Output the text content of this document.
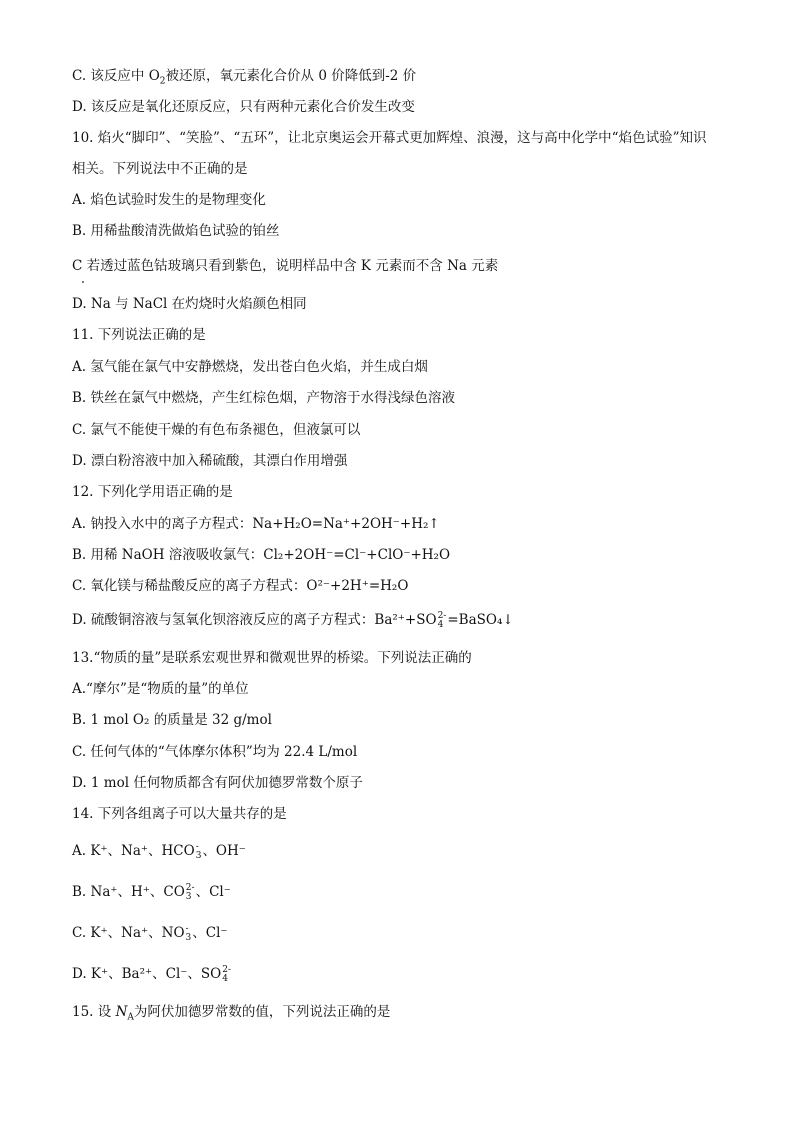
C. 该反应中 $O_2$被还原，氧元素化合价从 0 价降低到-2 价
D. 该反应是氧化还原反应，只有两种元素化合价发生改变
10. 焰火“脚印”、“笑脸”、“五环”，让北京奥运会开幕式更加辉煌、浪漫，这与高中化学中“焰色试验”知识
相关。下列说法中不正确的是
A. 焰色试验时发生的是物理变化
B. 用稀盐酸清洗做焰色试验的铂丝
C 若透过蓝色钴玻璃只看到紫色，说明样品中含 K 元素而不含 Na 元素
D. Na 与 NaCl 在灼烧时火焰颜色相同
11. 下列说法正确的是
A. 氢气能在氯气中安静燃烧，发出苍白色火焰，并生成白烟
B. 铁丝在氯气中燃烧，产生红棕色烟，产物溶于水得浅绿色溶液
C. 氯气不能使干燥的有色布条褪色，但液氯可以
D. 漂白粉溶液中加入稀硫酸，其漂白作用增强
12. 下列化学用语正确的是
A. 钠投入水中的离子方程式：Na+H₂O=Na⁺+2OH⁻+H₂↑
B. 用稀 NaOH 溶液吸收氯气：Cl₂+2OH⁻=Cl⁻+ClO⁻+H₂O
C. 氧化镁与稀盐酸反应的离子方程式：O²⁻+2H⁺=H₂O
D. 硫酸铜溶液与氢氧化钡溶液反应的离子方程式：Ba²⁺+SO 2-
4 =BaSO₄↓
13.“物质的量”是联系宏观世界和微观世界的桥梁。下列说法正确的
A.“摩尔”是“物质的量”的单位
B. 1 mol O₂ 的质量是 32 g/mol
C. 任何气体的“气体摩尔体积”均为 22.4 L/mol
D. 1 mol 任何物质都含有阿伏加德罗常数个原子
14. 下列各组离子可以大量共存的是
A. K⁺、Na⁺、HCO -
3 、OH⁻
B. Na⁺、H⁺、CO 2-
3 、Cl⁻
C. K⁺、Na⁺、NO -
3 、Cl⁻
D. K⁺、Ba²⁺、Cl⁻、SO 2-
4
15. 设 $N_A$为阿伏加德罗常数的值，下列说法正确的是
